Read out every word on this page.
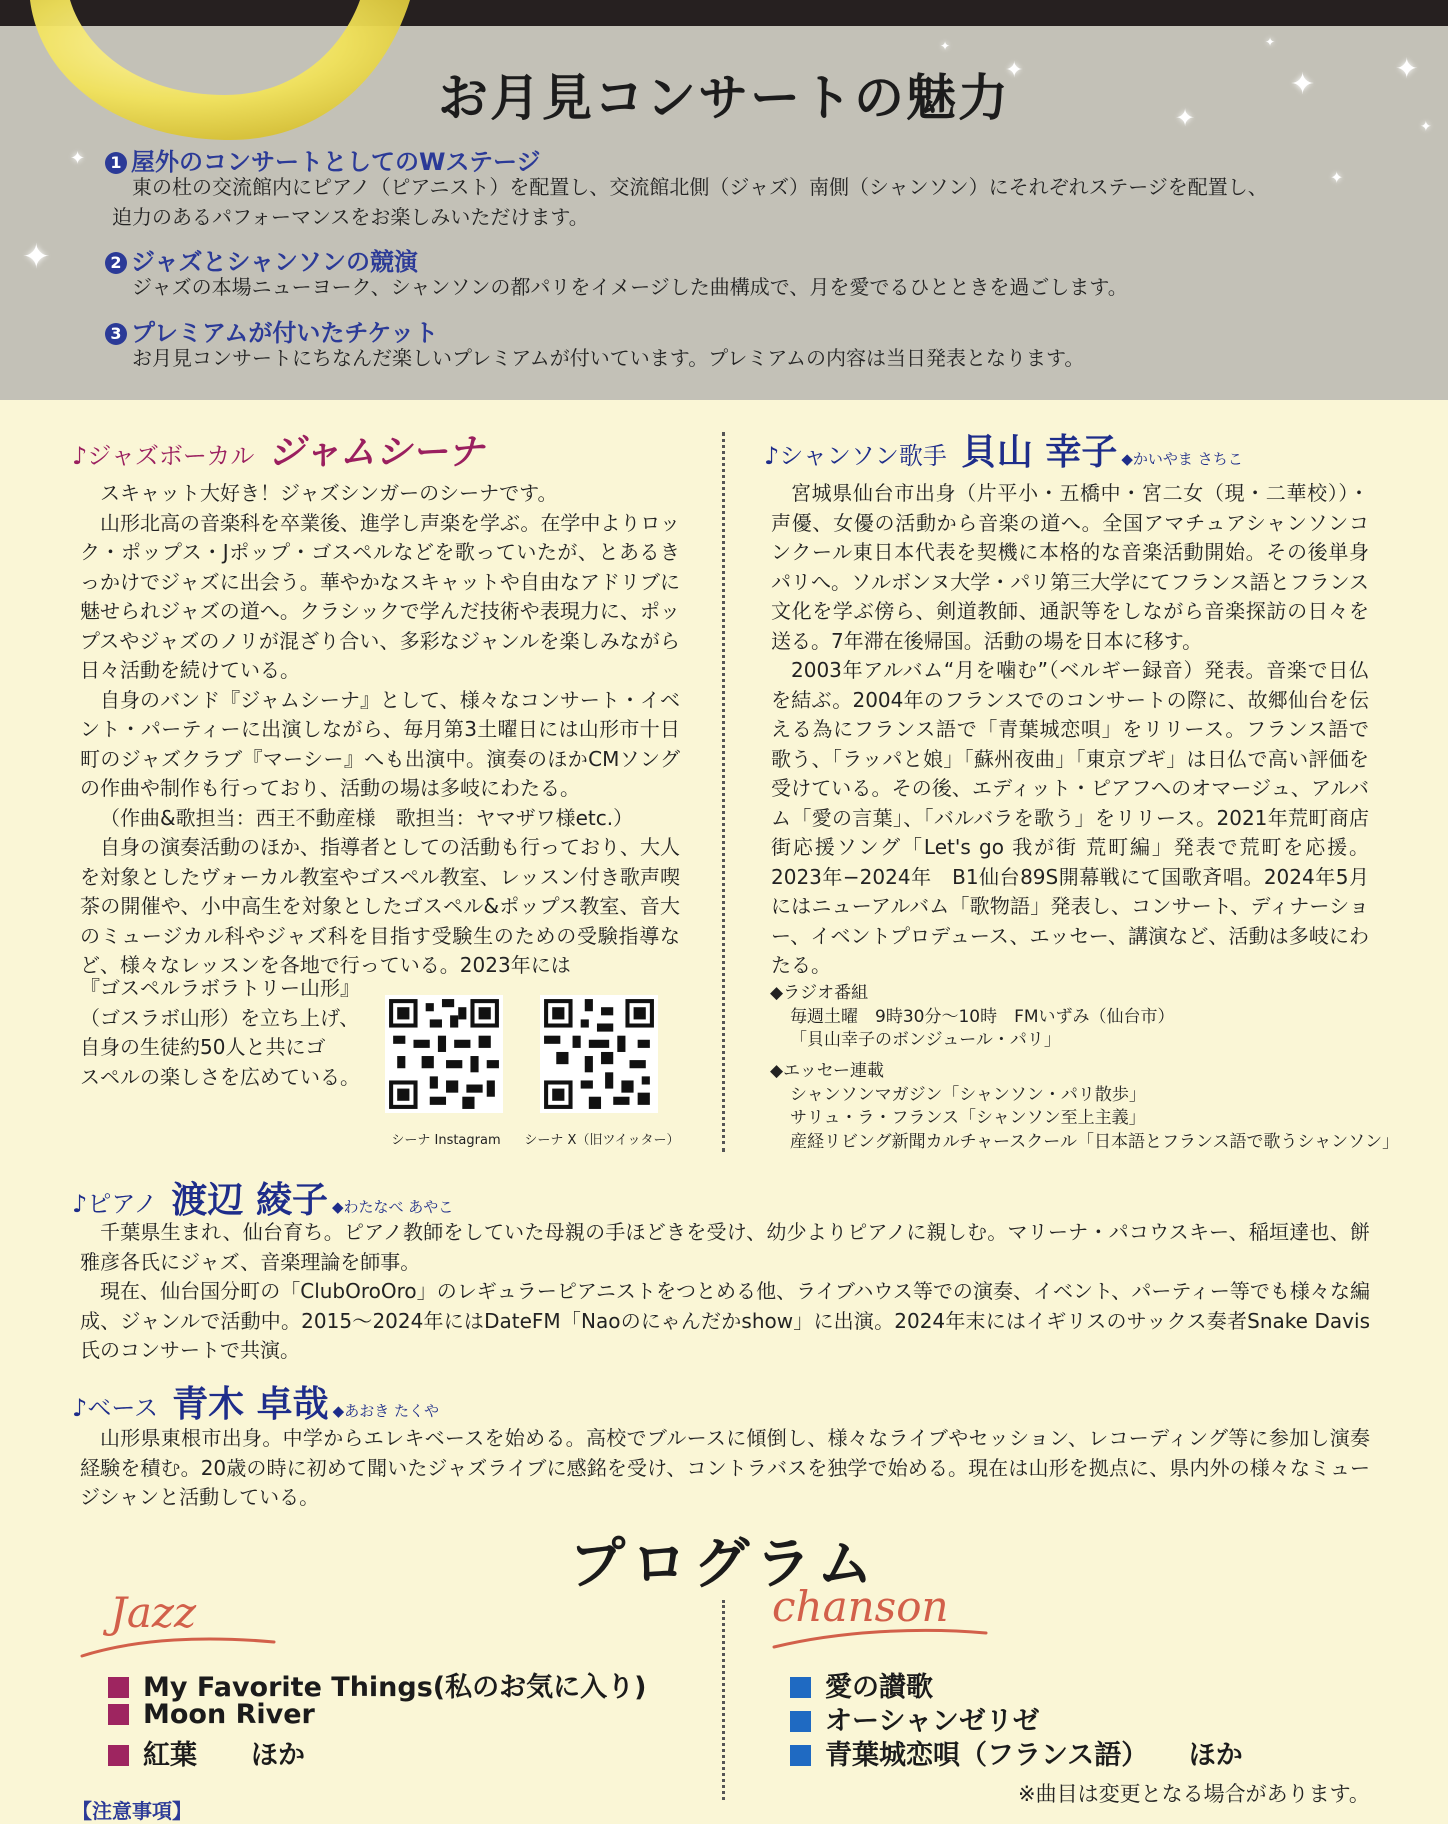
✦
✦
✦	✦
✦
✦
✦
✦
✦
✦
お月見コンサートの魅力
1 屋外のコンサートとしてのWステージ
東の杜の交流館内にピアノ（ピアニスト）を配置し、交流館北側（ジャズ）南側（シャンソン）にそれぞれステージを配置し、
迫力のあるパフォーマンスをお楽しみいただけます。
2 ジャズとシャンソンの競演
ジャズの本場ニューヨーク、シャンソンの都パリをイメージした曲構成で、月を愛でるひとときを過ごします。
3 プレミアムが付いたチケット
お月見コンサートにちなんだ楽しいプレミアムが付いています。プレミアムの内容は当日発表となります。
♪ジャズボーカル ジャムシーナ

スキャット大好き！ジャズシンガーのシーナです。

山形北高の音楽科を卒業後、進学し声楽を学ぶ。在学中よりロック・ポップス・Jポップ・ゴスペルなどを歌っていたが、とあるきっかけでジャズに出会う。華やかなスキャットや自由なアドリブに魅せられジャズの道へ。クラシックで学んだ技術や表現力に、ポップスやジャズのノリが混ざり合い、多彩なジャンルを楽しみながら日々活動を続けている。

自身のバンド『ジャムシーナ』として、様々なコンサート・イベント・パーティーに出演しながら、毎月第3土曜日には山形市十日町のジャズクラブ『マーシー』へも出演中。演奏のほかCMソングの作曲や制作も行っており、活動の場は多岐にわたる。

（作曲&歌担当：西王不動産様　歌担当：ヤマザワ様etc.）

自身の演奏活動のほか、指導者としての活動も行っており、大人を対象としたヴォーカル教室やゴスペル教室、レッスン付き歌声喫茶の開催や、小中高生を対象としたゴスペル&ポップス教室、音大のミュージカル科やジャズ科を目指す受験生のための受験指導など、様々なレッスンを各地で行っている。2023年には

『ゴスペルラボラトリー山形』

（ゴスラボ山形）を立ち上げ、

自身の生徒約50人と共にゴ

スペルの楽しさを広めている。

シーナ Instagram	シーナ X（旧ツイッター）
♪シャンソン歌手 貝山 幸子 ◆かいやま さちこ

宮城県仙台市出身（片平小・五橋中・宮二女（現・二華校））・声優、女優の活動から音楽の道へ。全国アマチュアシャンソンコンクール東日本代表を契機に本格的な音楽活動開始。その後単身パリへ。ソルボンヌ大学・パリ第三大学にてフランス語とフランス文化を学ぶ傍ら、剣道教師、通訳等をしながら音楽探訪の日々を送る。7年滞在後帰国。活動の場を日本に移す。

2003年アルバム“月を噛む”（ベルギー録音）発表。音楽で日仏を結ぶ。2004年のフランスでのコンサートの際に、故郷仙台を伝える為にフランス語で「青葉城恋唄」をリリース。フランス語で歌う、「ラッパと娘」「蘇州夜曲」「東京ブギ」は日仏で高い評価を受けている。その後、エディット・ピアフへのオマージュ、アルバム「愛の言葉」、「バルバラを歌う」をリリース。2021年荒町商店街応援ソング「Let's go 我が街 荒町編」発表で荒町を応援。2023年−2024年　B1仙台89S開幕戦にて国歌斉唱。2024年5月にはニューアルバム「歌物語」発表し、コンサート、ディナーショー、イベントプロデュース、エッセー、講演など、活動は多岐にわたる。

◆ラジオ番組
毎週土曜　9時30分〜10時　FMいずみ（仙台市）
「貝山幸子のボンジュール・パリ」
◆エッセー連載
シャンソンマガジン「シャンソン・パリ散歩」
サリュ・ラ・フランス「シャンソン至上主義」
産経リビング新聞カルチャースクール「日本語とフランス語で歌うシャンソン」
♪ピアノ 渡辺 綾子 ◆わたなべ あやこ

千葉県生まれ、仙台育ち。ピアノ教師をしていた母親の手ほどきを受け、幼少よりピアノに親しむ。マリーナ・パコウスキー、稲垣達也、餅雅彦各氏にジャズ、音楽理論を師事。

現在、仙台国分町の「ClubOroOro」のレギュラーピアニストをつとめる他、ライブハウス等での演奏、イベント、パーティー等でも様々な編成、ジャンルで活動中。2015〜2024年にはDateFM「Naoのにゃんだかshow」に出演。2024年末にはイギリスのサックス奏者Snake Davis氏のコンサートで共演。

♪ベース 青木 卓哉 ◆あおき たくや

山形県東根市出身。中学からエレキベースを始める。高校でブルースに傾倒し、様々なライブやセッション、レコーディング等に参加し演奏経験を積む。20歳の時に初めて聞いたジャズライブに感銘を受け、コントラバスを独学で始める。現在は山形を拠点に、県内外の様々なミュージシャンと活動している。

プログラム
Jazz	chanson
My Favorite Things(私のお気に入り)
Moon River
紅葉　　ほか
愛の讃歌
オーシャンゼリゼ
青葉城恋唄（フランス語）　　ほか
※曲目は変更となる場合があります。
【注意事項】
